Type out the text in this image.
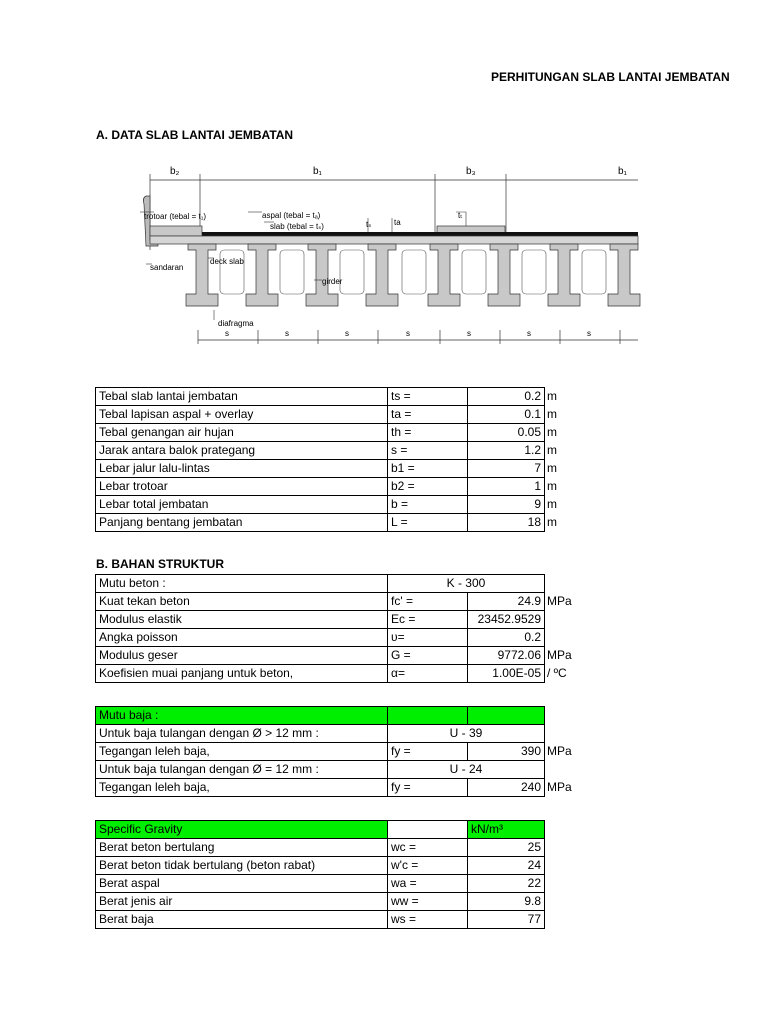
PERHITUNGAN SLAB LANTAI JEMBATAN
A. DATA SLAB LANTAI JEMBATAN
b₂	b₁	b₃	b₁
trotoar (tebal = t₁)	aspal (tebal = tₐ)
slab (tebal = tₛ)	tₛ	ta
tₜ
deck slab
sandaran
girder
diafragma
s	s	s	s	s	s	s
Tebal slab lantai jembatan	ts =	0.2	m
Tebal lapisan aspal + overlay	ta =	0.1	m
Tebal genangan air hujan	th =	0.05	m
Jarak antara balok prategang	s =	1.2	m
Lebar jalur lalu-lintas	b1 =	7	m
Lebar trotoar	b2 =	1	m
Lebar total jembatan	b =	9	m
Panjang bentang jembatan	L =	18	m
B. BAHAN STRUKTUR
Mutu beton :	K - 300		
Kuat tekan beton	fc' =	24.9	MPa
Modulus elastik	Ec =	23452.9529	
Angka poisson	υ=	0.2	
Modulus geser	G =	9772.06	MPa
Koefisien muai panjang untuk beton,	α=	1.00E-05	/ ºC
Mutu baja :			
Untuk baja tulangan dengan Ø > 12 mm :	U - 39		
Tegangan leleh baja,	fy =	390	MPa
Untuk baja tulangan dengan Ø = 12 mm :	U - 24		
Tegangan leleh baja,	fy =	240	MPa
Specific Gravity		kN/m³	
Berat beton bertulang	wc =	25	
Berat beton tidak bertulang (beton rabat)	w'c =	24	
Berat aspal	wa =	22	
Berat jenis air	ww =	9.8	
Berat baja	ws =	77	
